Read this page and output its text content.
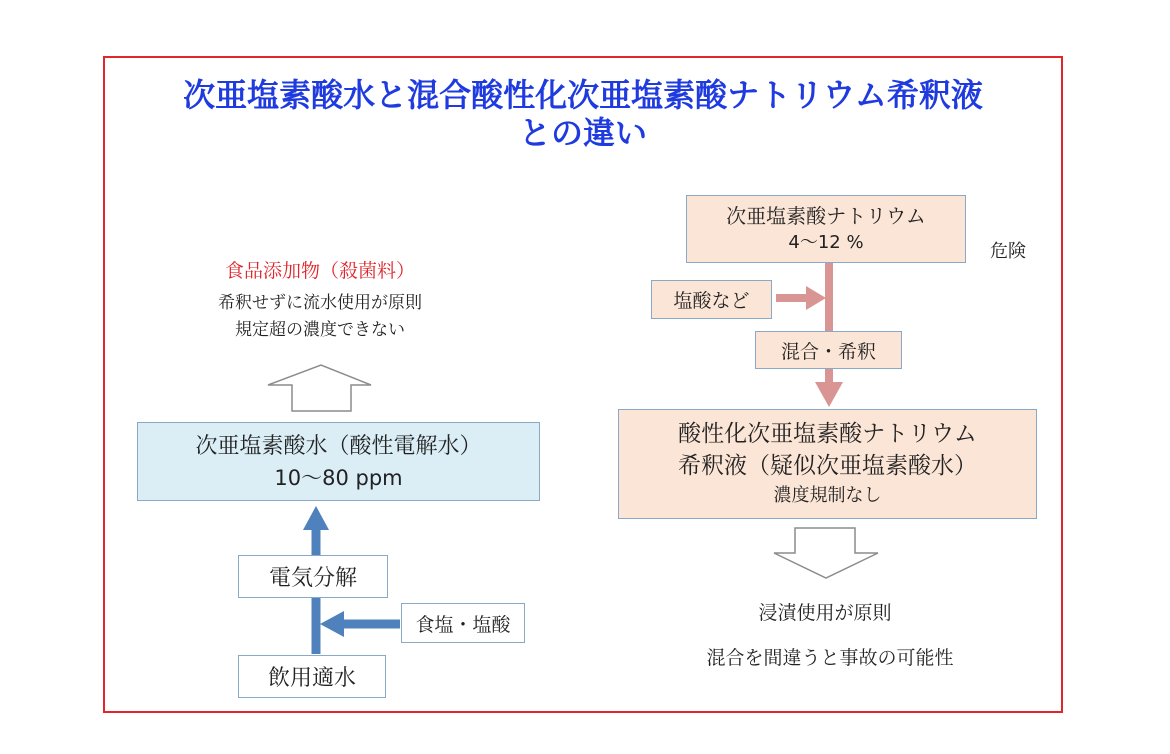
次亜塩素酸水と混合酸性化次亜塩素酸ナトリウム希釈液
との違い
食品添加物（殺菌料）
希釈せずに流水使用が原則
規定超の濃度できない
次亜塩素酸水（酸性電解水）
10～80 ppm
電気分解
食塩・塩酸
飲用適水
次亜塩素酸ナトリウム
4～12 %	危険
塩酸など
混合・希釈
酸性化次亜塩素酸ナトリウム
希釈液（疑似次亜塩素酸水）
濃度規制なし
浸漬使用が原則
混合を間違うと事故の可能性
